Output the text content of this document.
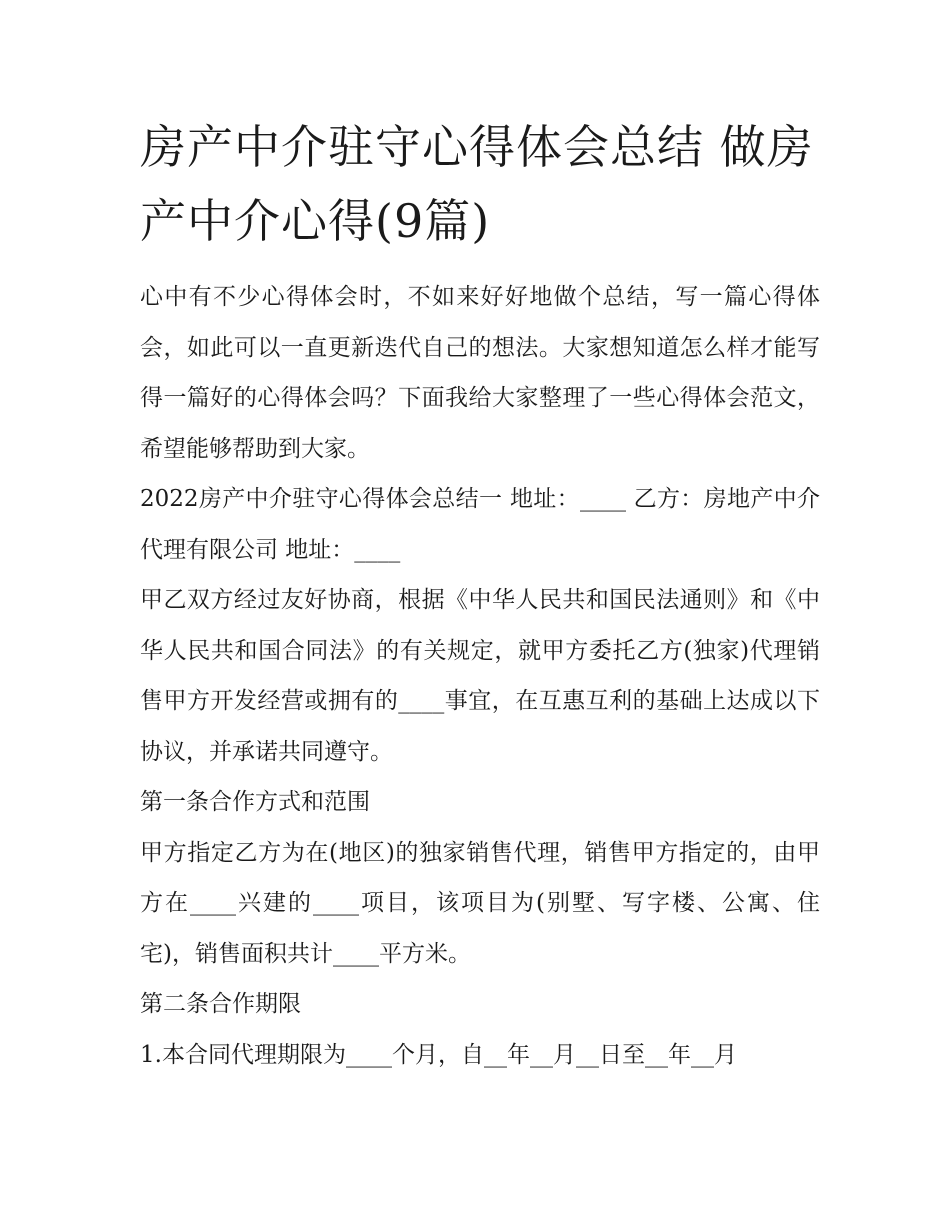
房产中介驻守心得体会总结 做房产中介心得(9篇)

心中有不少心得体会时，不如来好好地做个总结，写一篇心得体会，如此可以一直更新迭代自己的想法。大家想知道怎么样才能写得一篇好的心得体会吗？下面我给大家整理了一些心得体会范文，希望能够帮助到大家。

2022房产中介驻守心得体会总结一 地址：____ 乙方：房地产中介代理有限公司 地址：____

甲乙双方经过友好协商，根据《中华人民共和国民法通则》和《中华人民共和国合同法》的有关规定，就甲方委托乙方(独家)代理销售甲方开发经营或拥有的____事宜，在互惠互利的基础上达成以下协议，并承诺共同遵守。

第一条合作方式和范围

甲方指定乙方为在(地区)的独家销售代理，销售甲方指定的，由甲方在____兴建的____项目，该项目为(别墅、写字楼、公寓、住宅)，销售面积共计____平方米。

第二条合作期限

1.本合同代理期限为____个月，自__年__月__日至__年__月
